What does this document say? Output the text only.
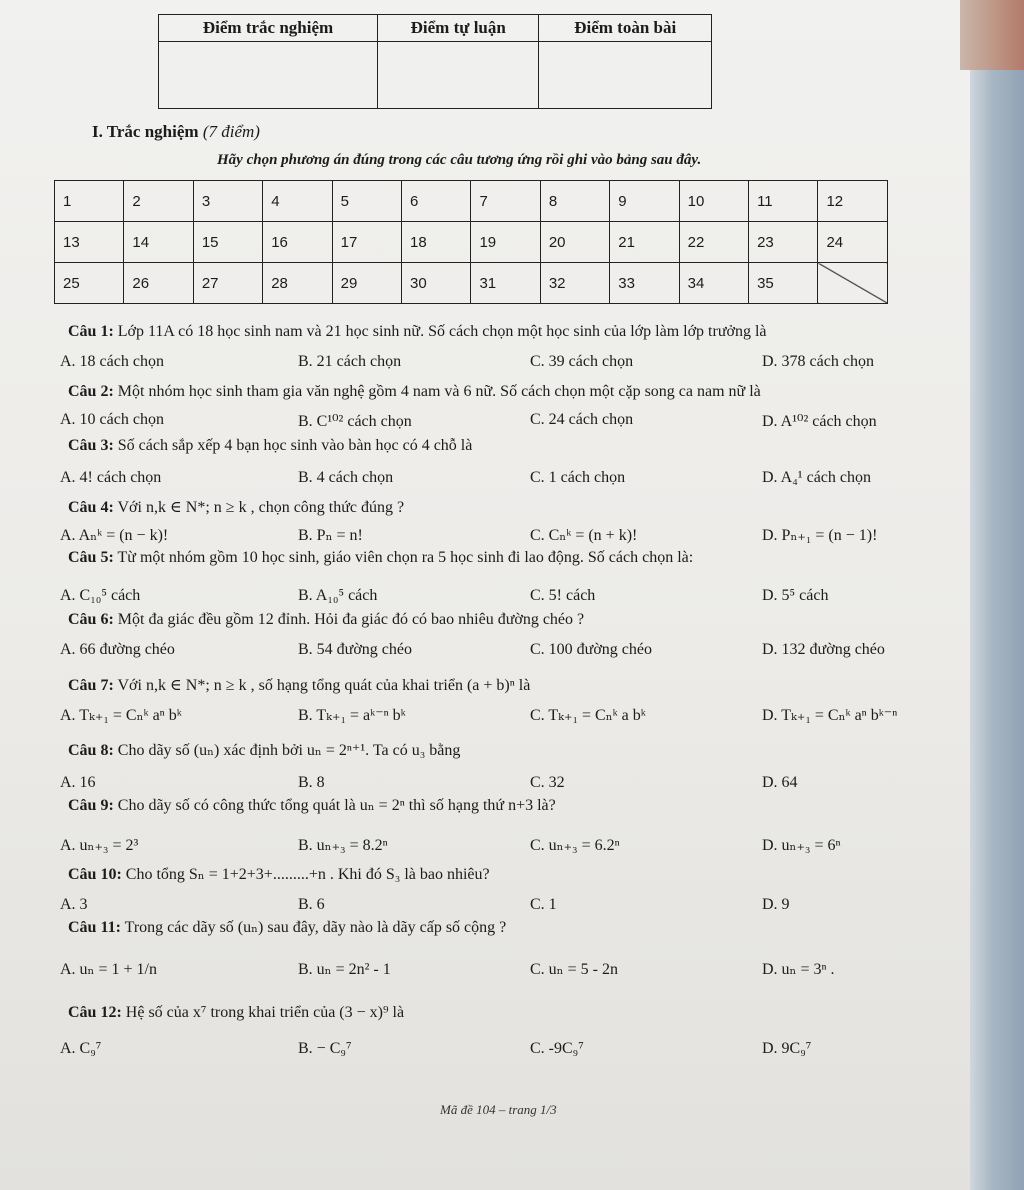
Điểm trắc nghiệm	Điểm tự luận	Điểm toàn bài

I. Trắc nghiệm (7 điểm)
Hãy chọn phương án đúng trong các câu tương ứng rồi ghi vào bảng sau đây.
1	2	3	4	5	6	7	8	9	10	11	12
13	14	15	16	17	18	19	20	21	22	23	24
25	26	27	28	29	30	31	32	33	34	35	
Câu 1: Lớp 11A có 18 học sinh nam và 21 học sinh nữ. Số cách chọn một học sinh của lớp làm lớp trưởng là
A. 18 cách chọn	B. 21 cách chọn	C. 39 cách chọn	D. 378 cách chọn
Câu 2: Một nhóm học sinh tham gia văn nghệ gồm 4 nam và 6 nữ. Số cách chọn một cặp song ca nam nữ là
A. 10 cách chọn	B. C¹⁰² cách chọn	C. 24 cách chọn	D. A¹⁰² cách chọn
Câu 3: Số cách sắp xếp 4 bạn học sinh vào bàn học có 4 chỗ là
A. 4! cách chọn	B. 4 cách chọn	C. 1 cách chọn	D. A₄¹ cách chọn
Câu 4: Với n,k ∈ N*; n ≥ k , chọn công thức đúng ?
A. Aₙᵏ = (n − k)!	B. Pₙ = n!	C. Cₙᵏ = (n + k)!	D. Pₙ₊₁ = (n − 1)!
Câu 5: Từ một nhóm gồm 10 học sinh, giáo viên chọn ra 5 học sinh đi lao động. Số cách chọn là:
A. C₁₀⁵ cách	B. A₁₀⁵ cách	C. 5! cách	D. 5⁵ cách
Câu 6: Một đa giác đều gồm 12 đỉnh. Hỏi đa giác đó có bao nhiêu đường chéo ?
A. 66 đường chéo	B. 54 đường chéo	C. 100 đường chéo	D. 132 đường chéo
Câu 7: Với n,k ∈ N*; n ≥ k , số hạng tổng quát của khai triển (a + b)ⁿ là
A. Tₖ₊₁ = Cₙᵏ aⁿ bᵏ	B. Tₖ₊₁ = aᵏ⁻ⁿ bᵏ	C. Tₖ₊₁ = Cₙᵏ a bᵏ	D. Tₖ₊₁ = Cₙᵏ aⁿ bᵏ⁻ⁿ
Câu 8: Cho dãy số (uₙ) xác định bởi uₙ = 2ⁿ⁺¹. Ta có u₃ bằng
A. 16	B. 8	C. 32	D. 64
Câu 9: Cho dãy số có công thức tổng quát là uₙ = 2ⁿ thì số hạng thứ n+3 là?
A. uₙ₊₃ = 2³	B. uₙ₊₃ = 8.2ⁿ	C. uₙ₊₃ = 6.2ⁿ	D. uₙ₊₃ = 6ⁿ
Câu 10: Cho tổng Sₙ = 1+2+3+.........+n . Khi đó S₃ là bao nhiêu?
A. 3	B. 6	C. 1	D. 9
Câu 11: Trong các dãy số (uₙ) sau đây, dãy nào là dãy cấp số cộng ?
A. uₙ = 1 + 1/n	B. uₙ = 2n² - 1	C. uₙ = 5 - 2n	D. uₙ = 3ⁿ .
Câu 12: Hệ số của x⁷ trong khai triển của (3 − x)⁹ là
A. C₉⁷	B. − C₉⁷	C. -9C₉⁷	D. 9C₉⁷
Mã đề 104 – trang 1/3
